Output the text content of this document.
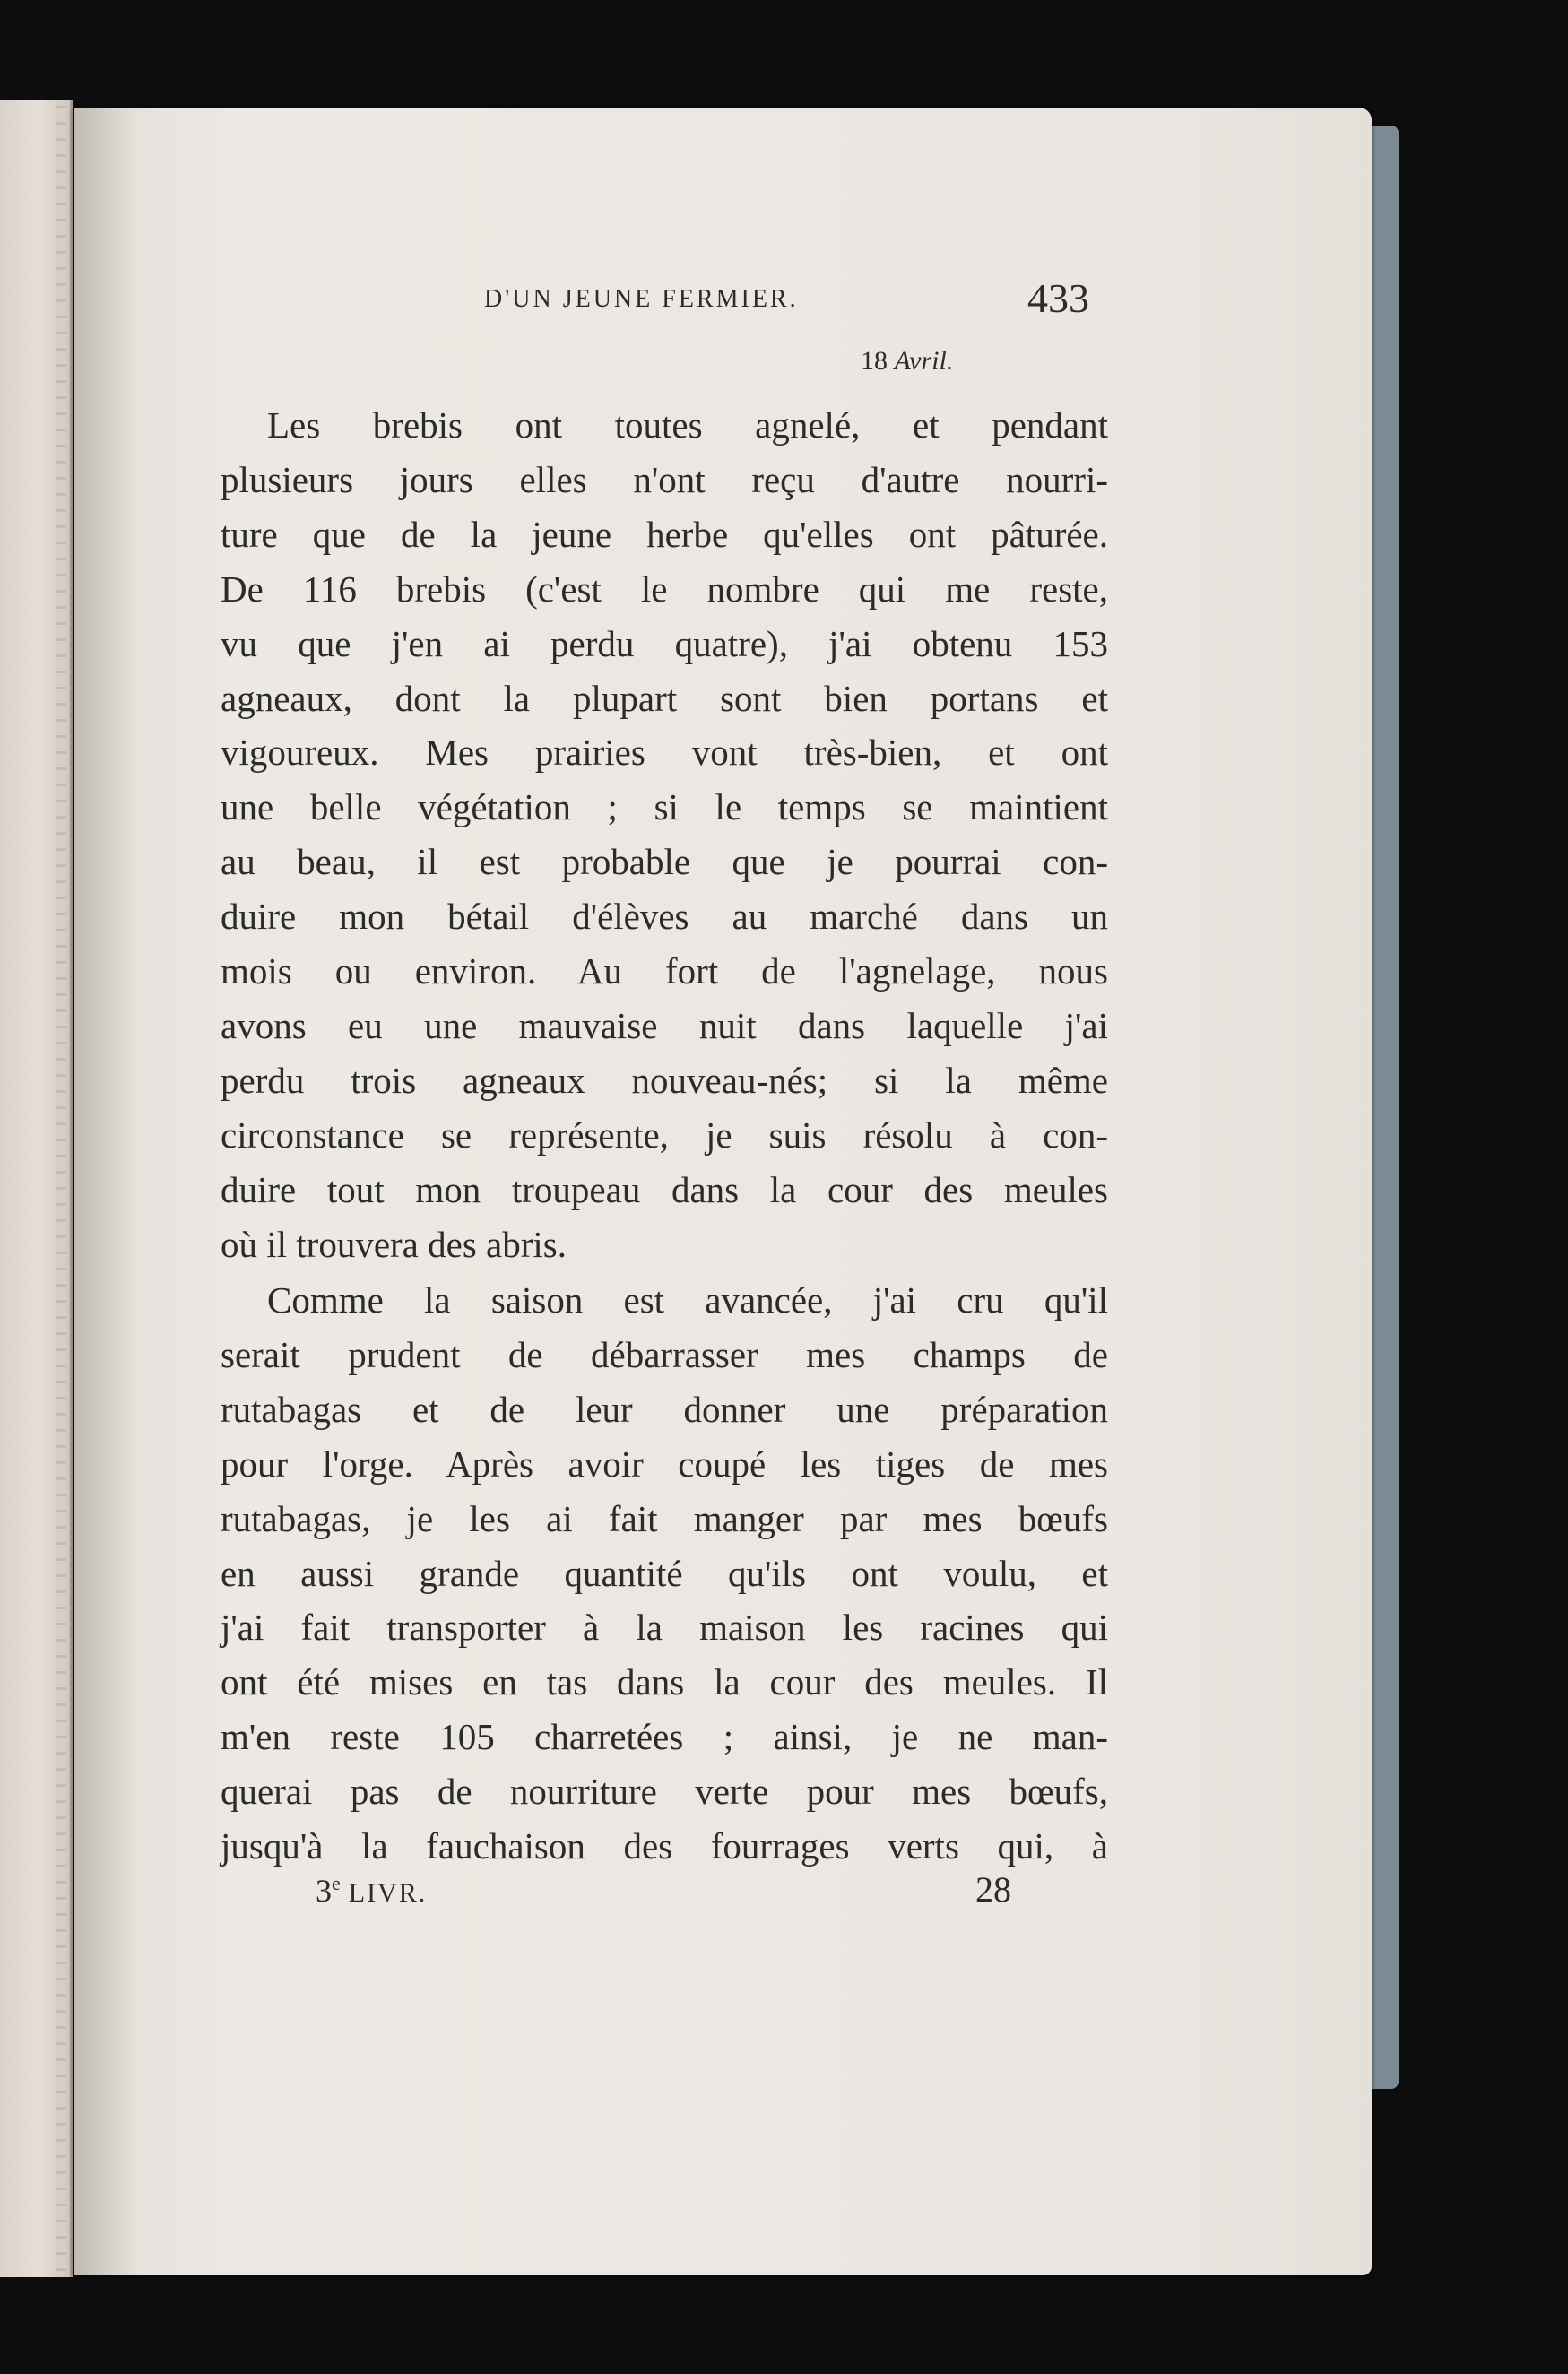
D'UN JEUNE FERMIER.	433
18 Avril.
Les brebis ont toutes agnelé, et pendant
plusieurs jours elles n'ont reçu d'autre nourri-
ture que de la jeune herbe qu'elles ont pâturée.
De 116 brebis (c'est le nombre qui me reste,
vu que j'en ai perdu quatre), j'ai obtenu 153
agneaux, dont la plupart sont bien portans et
vigoureux. Mes prairies vont très-bien, et ont
une belle végétation ; si le temps se maintient
au beau, il est probable que je pourrai con-
duire mon bétail d'élèves au marché dans un
mois ou environ. Au fort de l'agnelage, nous
avons eu une mauvaise nuit dans laquelle j'ai
perdu trois agneaux nouveau-nés; si la même
circonstance se représente, je suis résolu à con-
duire tout mon troupeau dans la cour des meules
où il trouvera des abris.
Comme la saison est avancée, j'ai cru qu'il
serait prudent de débarrasser mes champs de
rutabagas et de leur donner une préparation
pour l'orge. Après avoir coupé les tiges de mes
rutabagas, je les ai fait manger par mes bœufs
en aussi grande quantité qu'ils ont voulu, et
j'ai fait transporter à la maison les racines qui
ont été mises en tas dans la cour des meules. Il
m'en reste 105 charretées ; ainsi, je ne man-
querai pas de nourriture verte pour mes bœufs,
jusqu'à la fauchaison des fourrages verts qui, à
3e LIVR.	28
